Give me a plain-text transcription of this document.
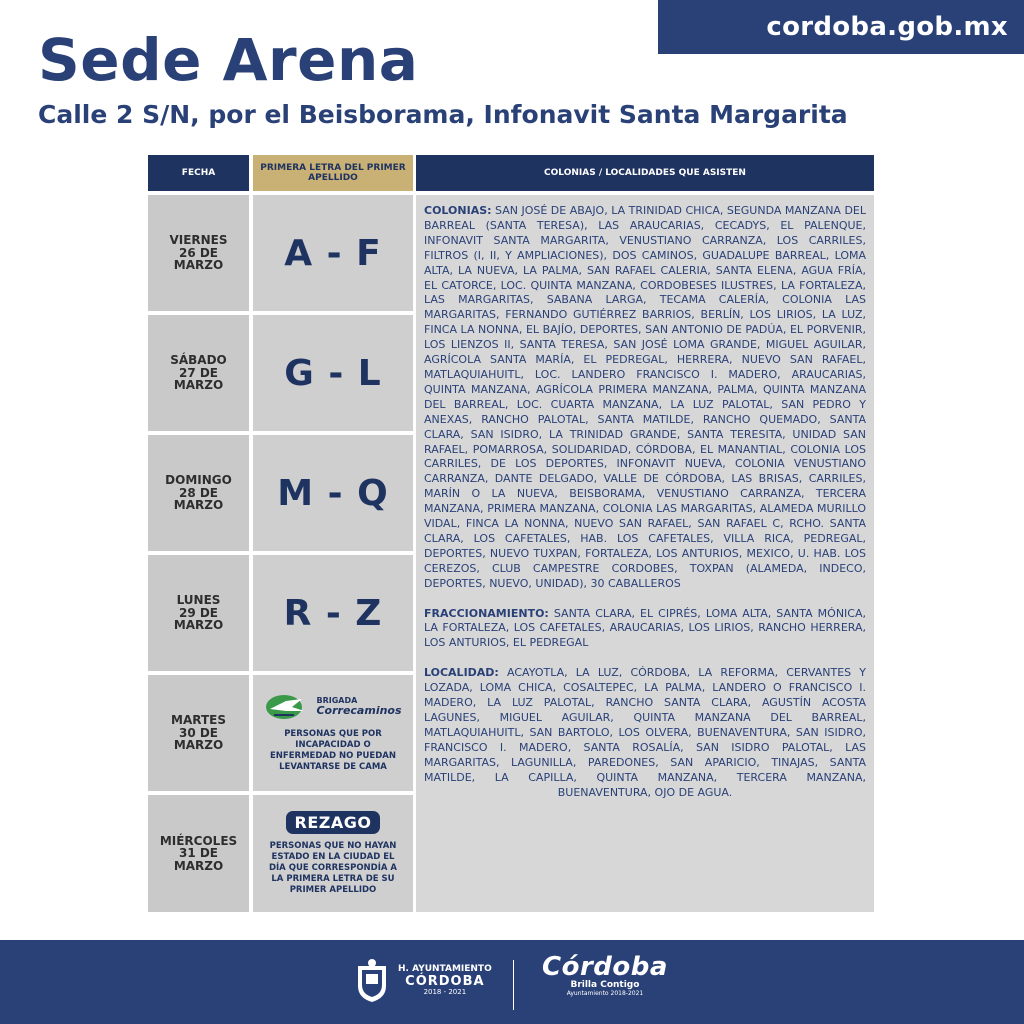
cordoba.gob.mx
Sede Arena
Calle 2 S/N, por el Beisborama, Infonavit Santa Margarita
FECHA
PRIMERA LETRA DEL PRIMER APELLIDO
COLONIAS / LOCALIDADES QUE ASISTEN
VIERNES
26 DE
MARZO A - F
SÁBADO
27 DE
MARZO G - L
DOMINGO
28 DE
MARZO M - Q
LUNES
29 DE
MARZO R - Z
MARTES
30 DE
MARZO
BRIGADA
Correcaminos
PERSONAS QUE POR INCAPACIDAD O ENFERMEDAD NO PUEDAN LEVANTARSE DE CAMA
MIÉRCOLES
31 DE
MARZO
REZAGO
PERSONAS QUE NO HAYAN ESTADO EN LA CIUDAD EL DÍA QUE CORRESPONDÍA A LA PRIMERA LETRA DE SU PRIMER APELLIDO

COLONIAS: SAN JOSÉ DE ABAJO, LA TRINIDAD CHICA, SEGUNDA MANZANA DEL BARREAL (SANTA TERESA), LAS ARAUCARIAS, CECADYS, EL PALENQUE, INFONAVIT SANTA MARGARITA, VENUSTIANO CARRANZA, LOS CARRILES, FILTROS (I, II, Y AMPLIACIONES), DOS CAMINOS, GUADALUPE BARREAL, LOMA ALTA, LA NUEVA, LA PALMA, SAN RAFAEL CALERIA, SANTA ELENA, AGUA FRÍA, EL CATORCE, LOC. QUINTA MANZANA, CORDOBESES ILUSTRES, LA FORTALEZA, LAS MARGARITAS, SABANA LARGA, TECAMA CALERÍA, COLONIA LAS MARGARITAS, FERNANDO GUTIÉRREZ BARRIOS, BERLÍN, LOS LIRIOS, LA LUZ, FINCA LA NONNA, EL BAJÍO, DEPORTES, SAN ANTONIO DE PADÚA, EL PORVENIR, LOS LIENZOS II, SANTA TERESA, SAN JOSÉ LOMA GRANDE, MIGUEL AGUILAR, AGRÍCOLA SANTA MARÍA, EL PEDREGAL, HERRERA, NUEVO SAN RAFAEL, MATLAQUIAHUITL, LOC. LANDERO FRANCISCO I. MADERO, ARAUCARIAS, QUINTA MANZANA, AGRÍCOLA PRIMERA MANZANA, PALMA, QUINTA MANZANA DEL BARREAL, LOC. CUARTA MANZANA, LA LUZ PALOTAL, SAN PEDRO Y ANEXAS, RANCHO PALOTAL, SANTA MATILDE, RANCHO QUEMADO, SANTA CLARA, SAN ISIDRO, LA TRINIDAD GRANDE, SANTA TERESITA, UNIDAD SAN RAFAEL, POMARROSA, SOLIDARIDAD, CÓRDOBA, EL MANANTIAL, COLONIA LOS CARRILES, DE LOS DEPORTES, INFONAVIT NUEVA, COLONIA VENUSTIANO CARRANZA, DANTE DELGADO, VALLE DE CÓRDOBA, LAS BRISAS, CARRILES, MARÍN O LA NUEVA, BEISBORAMA, VENUSTIANO CARRANZA, TERCERA MANZANA, PRIMERA MANZANA, COLONIA LAS MARGARITAS, ALAMEDA MURILLO VIDAL, FINCA LA NONNA, NUEVO SAN RAFAEL, SAN RAFAEL C, RCHO. SANTA CLARA, LOS CAFETALES, HAB. LOS CAFETALES, VILLA RICA, PEDREGAL, DEPORTES, NUEVO TUXPAN, FORTALEZA, LOS ANTURIOS, MEXICO, U. HAB. LOS CEREZOS, CLUB CAMPESTRE CORDOBES, TOXPAN (ALAMEDA, INDECO, DEPORTES, NUEVO, UNIDAD), 30 CABALLEROS

FRACCIONAMIENTO: SANTA CLARA, EL CIPRÉS, LOMA ALTA, SANTA MÓNICA, LA FORTALEZA, LOS CAFETALES, ARAUCARIAS, LOS LIRIOS, RANCHO HERRERA, LOS ANTURIOS, EL PEDREGAL

LOCALIDAD: ACAYOTLA, LA LUZ, CÓRDOBA, LA REFORMA, CERVANTES Y LOZADA, LOMA CHICA, COSALTEPEC, LA PALMA, LANDERO O FRANCISCO I. MADERO, LA LUZ PALOTAL, RANCHO SANTA CLARA, AGUSTÍN ACOSTA LAGUNES, MIGUEL AGUILAR, QUINTA MANZANA DEL BARREAL, MATLAQUIAHUITL, SAN BARTOLO, LOS OLVERA, BUENAVENTURA, SAN ISIDRO, FRANCISCO I. MADERO, SANTA ROSALÍA, SAN ISIDRO PALOTAL, LAS MARGARITAS, LAGUNILLA, PAREDONES, SAN APARICIO, TINAJAS, SANTA MATILDE, LA CAPILLA, QUINTA MANZANA, TERCERA MANZANA, BUENAVENTURA, OJO DE AGUA.

H. AYUNTAMIENTO
CÓRDOBA
2018 - 2021
Córdoba
Brilla Contigo
Ayuntamiento 2018-2021
